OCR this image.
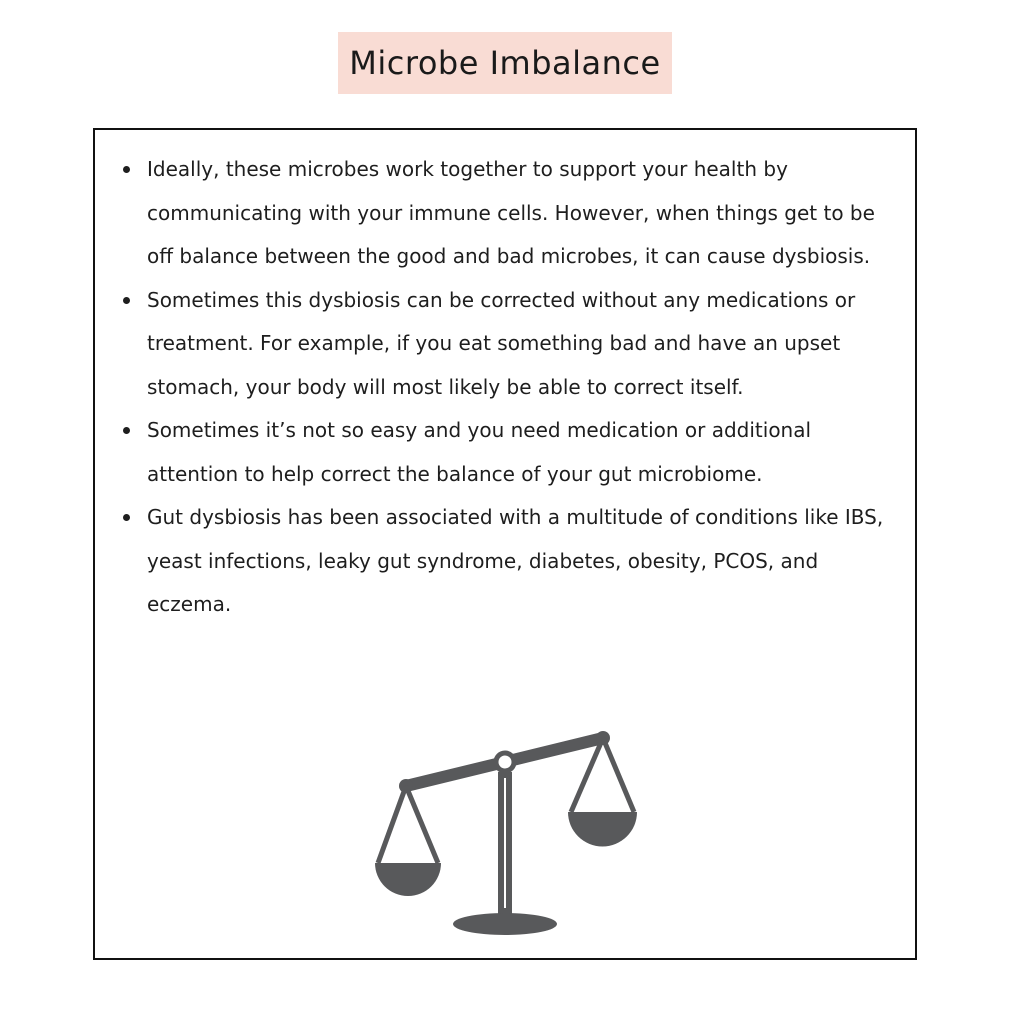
Microbe Imbalance
Ideally, these microbes work together to support your health by communicating with your immune cells. However, when things get to be off balance between the good and bad microbes, it can cause dysbiosis.
Sometimes this dysbiosis can be corrected without any medications or treatment. For example, if you eat something bad and have an upset stomach, your body will most likely be able to correct itself.
Sometimes it’s not so easy and you need medication or additional attention to help correct the balance of your gut microbiome.
Gut dysbiosis has been associated with a multitude of conditions like IBS, yeast infections, leaky gut syndrome, diabetes, obesity, PCOS, and eczema.
